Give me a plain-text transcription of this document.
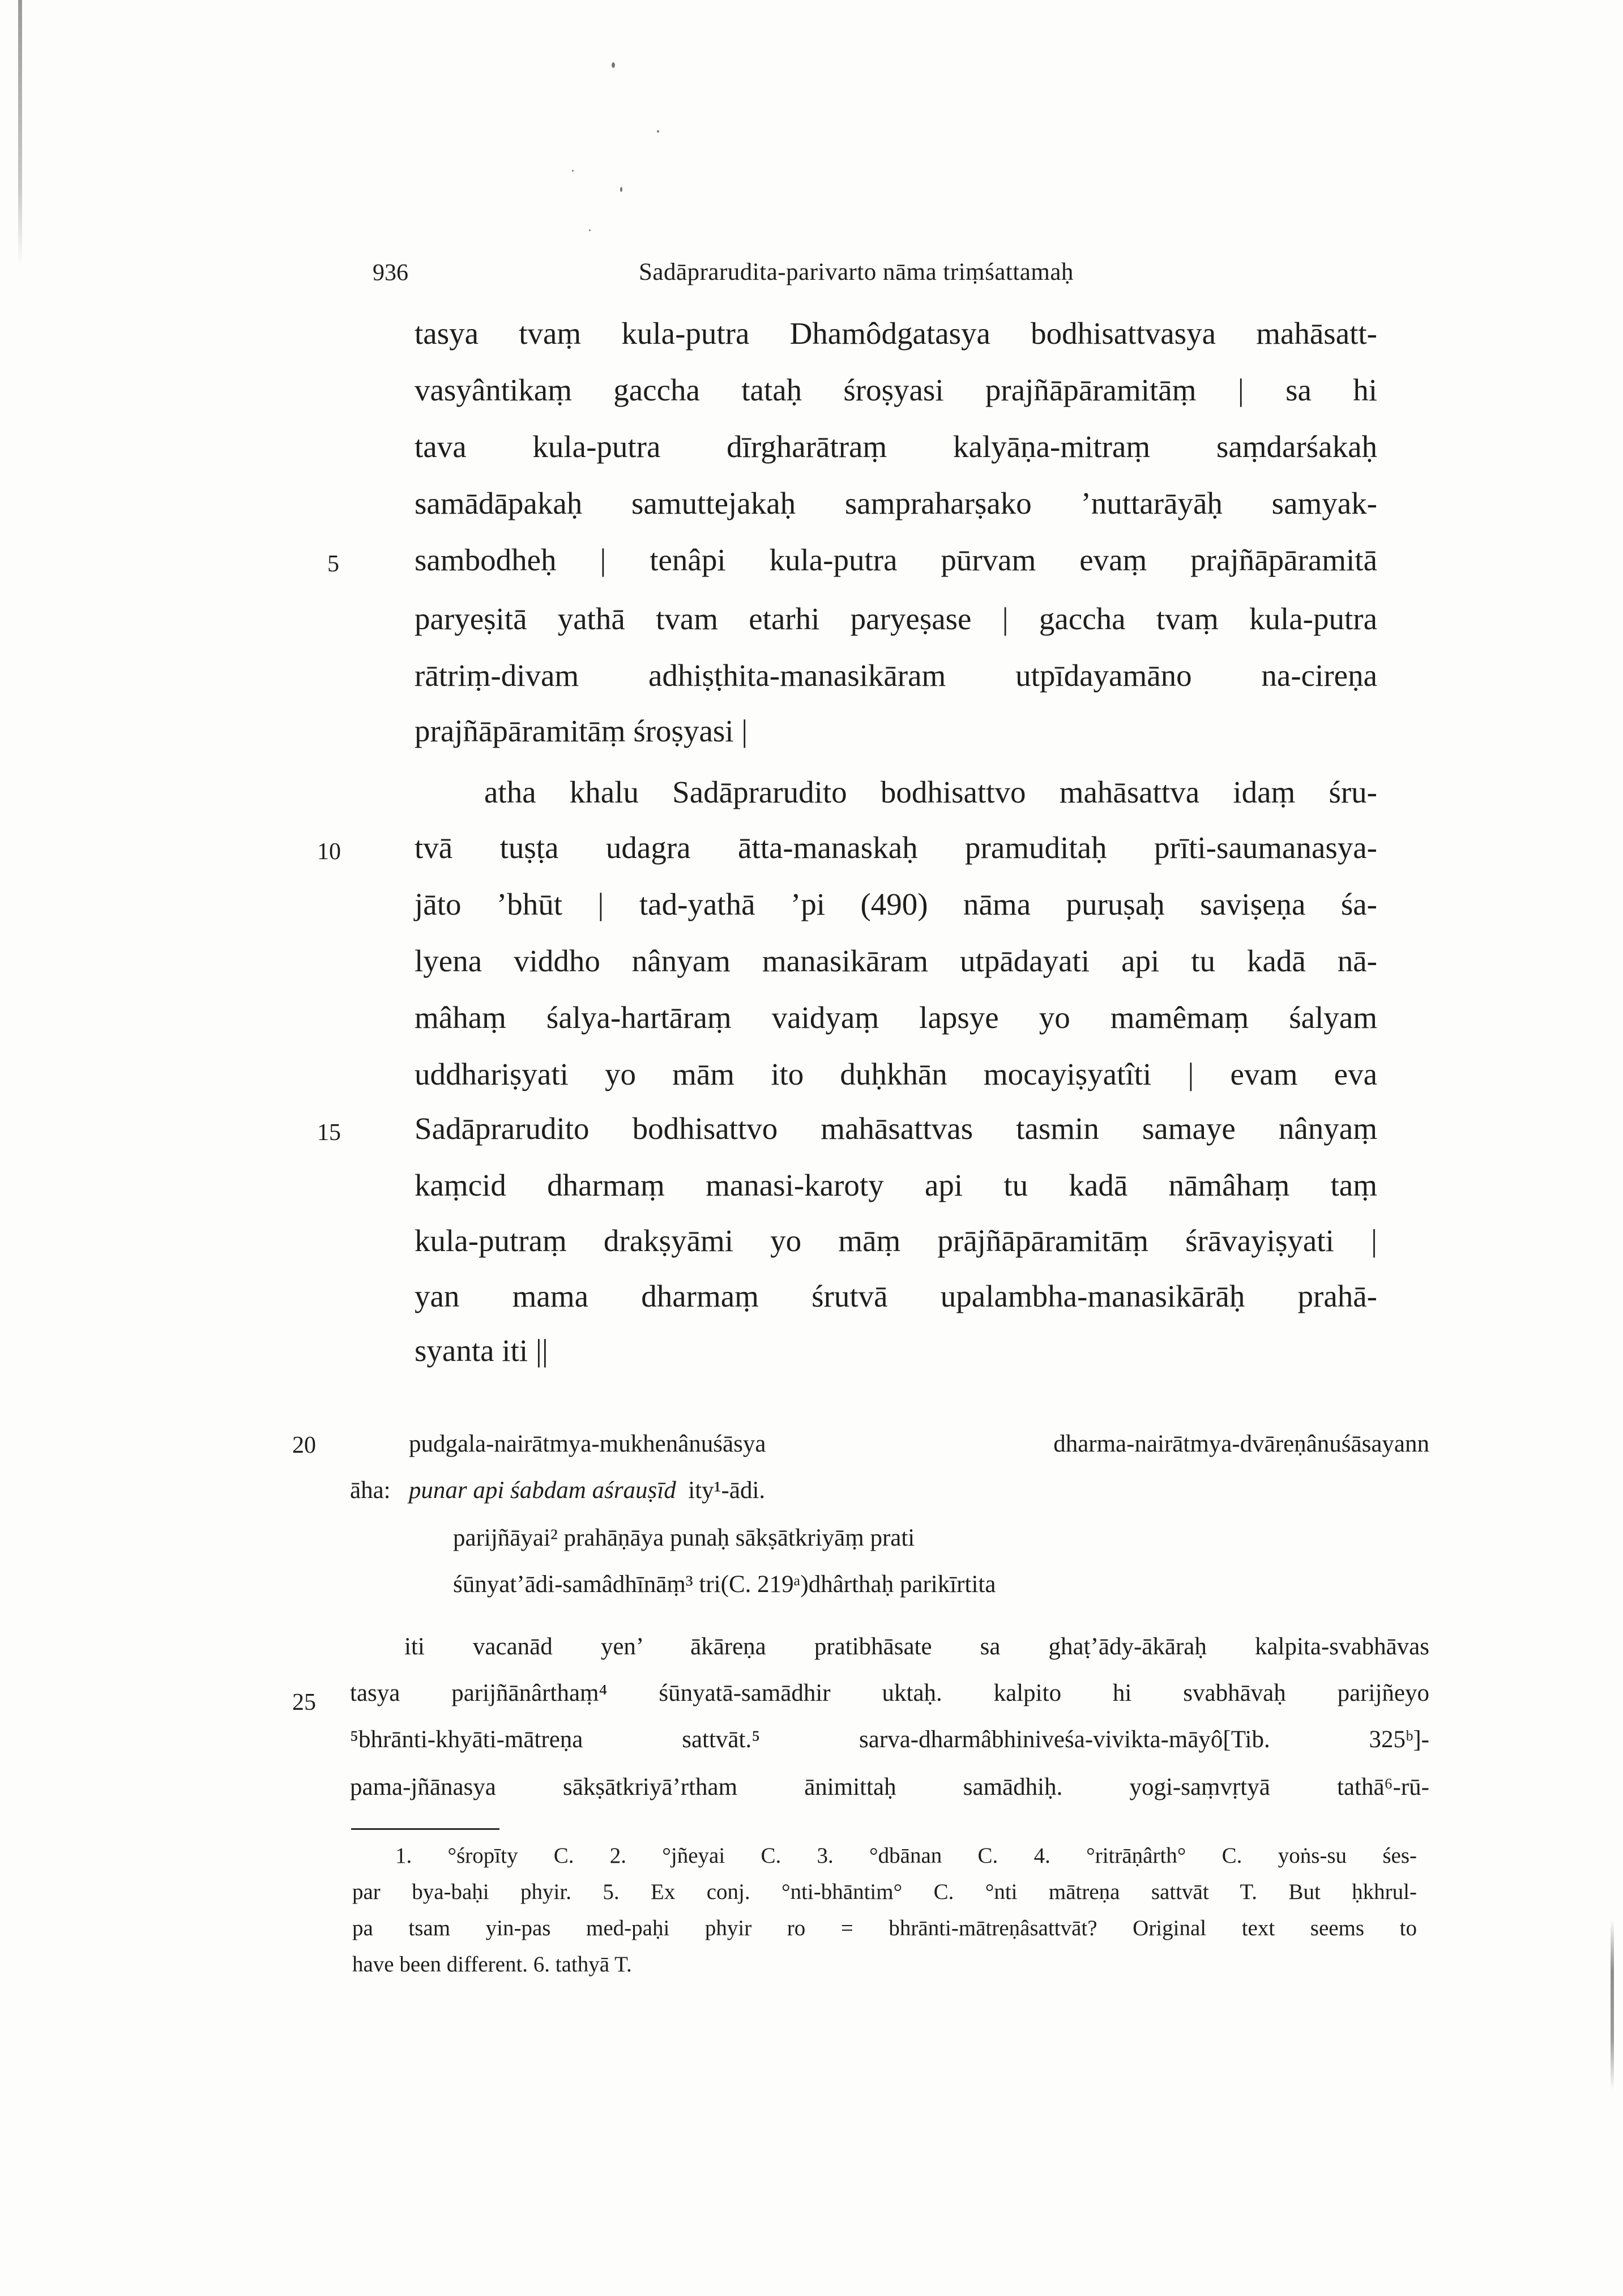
936	Sadāprarudita-parivarto nāma triṃśattamaḥ
tasya tvaṃ kula-putra Dhamôdgatasya bodhisattvasya mahāsatt-
vasyântikaṃ gaccha tataḥ śroṣyasi prajñāpāramitāṃ | sa hi
tava kula-putra dīrgharātraṃ kalyāṇa-mitraṃ saṃdarśakaḥ
samādāpakaḥ samuttejakaḥ sampraharṣako ’nuttarāyāḥ samyak-
sambodheḥ | tenâpi kula-putra pūrvam evaṃ prajñāpāramitā
paryeṣitā yathā tvam etarhi paryeṣase | gaccha tvaṃ kula-putra
rātriṃ-divam adhiṣṭhita-manasikāram utpīdayamāno na-cireṇa
prajñāpāramitāṃ śroṣyasi |
atha khalu Sadāprarudito bodhisattvo mahāsattva idaṃ śru-
tvā tuṣṭa udagra ātta-manaskaḥ pramuditaḥ prīti-saumanasya-
jāto ’bhūt | tad-yathā ’pi (490) nāma puruṣaḥ saviṣeṇa śa-
lyena viddho nânyam manasikāram utpādayati api tu kadā nā-
mâhaṃ śalya-hartāraṃ vaidyaṃ lapsye yo mamêmaṃ śalyam
uddhariṣyati yo mām ito duḥkhān mocayiṣyatîti | evam eva
Sadāprarudito bodhisattvo mahāsattvas tasmin samaye nânyaṃ
kaṃcid dharmaṃ manasi-karoty api tu kadā nāmâhaṃ taṃ
kula-putraṃ drakṣyāmi yo māṃ prājñāpāramitāṃ śrāvayiṣyati |
yan mama dharmaṃ śrutvā upalambha-manasikārāḥ prahā-
syanta iti ||
5
10
15
20
25
pudgala-nairātmya-mukhenânuśāsya dharma-nairātmya-dvāreṇânuśāsayann
āha: punar api śabdam aśrauṣīd ity¹-ādi.
parijñāyai² prahāṇāya punaḥ sākṣātkriyāṃ prati
śūnyat’ādi-samâdhīnāṃ³ tri(C. 219ᵃ)dhârthaḥ parikīrtita
iti vacanād yen’ ākāreṇa pratibhāsate sa ghaṭ’ādy-ākāraḥ kalpita-svabhāvas
tasya parijñānârthaṃ⁴ śūnyatā-samādhir uktaḥ. kalpito hi svabhāvaḥ parijñeyo
⁵bhrānti-khyāti-mātreṇa sattvāt.⁵ sarva-dharmâbhiniveśa-vivikta-māyô[Tib. 325ᵇ]-
pama-jñānasya sākṣātkriyā’rtham ānimittaḥ samādhiḥ. yogi-saṃvṛtyā tathā⁶-rū-
1. °śropīty C. 2. °jñeyai C. 3. °dbānan C. 4. °ritrāṇârth° C. yoṅs-su śes-
par bya-baḥi phyir. 5. Ex conj. °nti-bhāntim° C. °nti mātreṇa sattvāt T. But ḥkhrul-
pa tsam yin-pas med-paḥi phyir ro = bhrānti-mātreṇâsattvāt? Original text seems to
have been different. 6. tathyā T.
